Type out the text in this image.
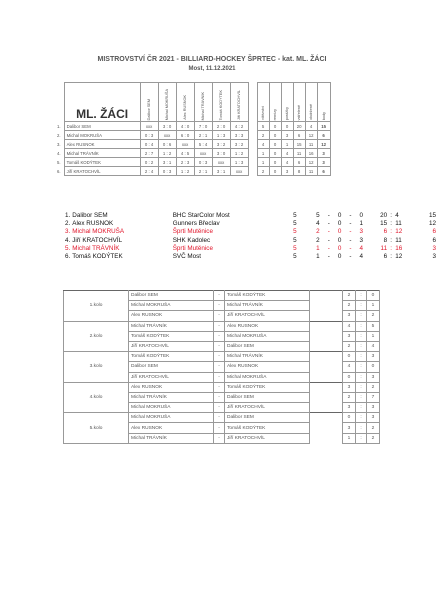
MISTROVSTVÍ ČR 2021 - BILLIARD-HOCKEY ŠPRTEC - kat. ML. ŽÁCI
Most, 11.12.2021
	ML. ŽÁCI	Dalibor SEM	Michal MOKRUŠA	Alex RUSNOK	Michal TRÁVNÍK	Tomáš KODÝTEK	Jiří KRATOCHVÍL		vítězství	remízy	porážky	vstřelené	obdržené	body
1.	Dalibor SEM	xxx	3 : 0	4 : 0	7 : 0	2 : 0	4 : 2		5	0	0	20	4	15
2.	Michal MOKRUŠA	0 : 3	xxx	6 : 0	2 : 1	1 : 3	3 : 3		2	0	3	6	12	6
3.	Alex RUSNOK	0 : 4	0 : 6	xxx	5 : 4	3 : 2	3 : 2		4	0	1	15	11	12
4.	Michal TRÁVNÍK	2 : 7	1 : 2	4 : 5	xxx	3 : 0	1 : 2		1	0	4	11	16	3
5.	Tomáš KODÝTEK	0 : 2	3 : 1	2 : 3	0 : 3	xxx	1 : 3		1	0	4	6	12	3
6.	Jiří KRATOCHVÍL	2 : 4	0 : 3	1 : 2	2 : 1	3 : 1	xxx		2	0	3	8	11	6
1.	Dalibor SEM	BHC StarColor Most	5	5	-	0	-	0	20	:	4	15
2.	Alex RUSNOK	Gunners Břeclav	5	4	-	0	-	1	15	:	11	12
3.	Michal MOKRUŠA	Šprti Mutěnice	5	2	-	0	-	3	6	:	12	6
4.	Jiří KRATOCHVÍL	SHK Kadolec	5	2	-	0	-	3	8	:	11	6
5.	Michal TRÁVNÍK	Šprti Mutěnice	5	1	-	0	-	4	11	:	16	3
6.	Tomáš KODÝTEK	SVČ Most	5	1	-	0	-	4	6	:	12	3
1.kolo	Dalibor SEM	-	Tomáš KODÝTEK		2	:	0
	Michal MOKRUŠA	-	Michal TRÁVNÍK		2	:	1
	Alex RUSNOK	-	Jiří KRATOCHVÍL		3	:	2
2.kolo	Michal TRÁVNÍK	-	Alex RUSNOK		4	:	5
	Tomáš KODÝTEK	-	Michal MOKRUŠA		3	:	1
	Jiří KRATOCHVÍL	-	Dalibor SEM		2	:	4
3.kolo	Tomáš KODÝTEK	-	Michal TRÁVNÍK		0	:	3
	Dalibor SEM	-	Alex RUSNOK		4	:	0
	Jiří KRATOCHVÍL	-	Michal MOKRUŠA		0	:	3
4.kolo	Alex RUSNOK	-	Tomáš KODÝTEK		3	:	2
	Michal TRÁVNÍK	-	Dalibor SEM		2	:	7
	Michal MOKRUŠA	-	Jiří KRATOCHVÍL		3	:	3
5.kolo	Michal MOKRUŠA	-	Dalibor SEM		0	:	3
	Alex RUSNOK	-	Tomáš KODÝTEK		3	:	2
	Michal TRÁVNÍK	-	Jiří KRATOCHVÍL		1	:	2
